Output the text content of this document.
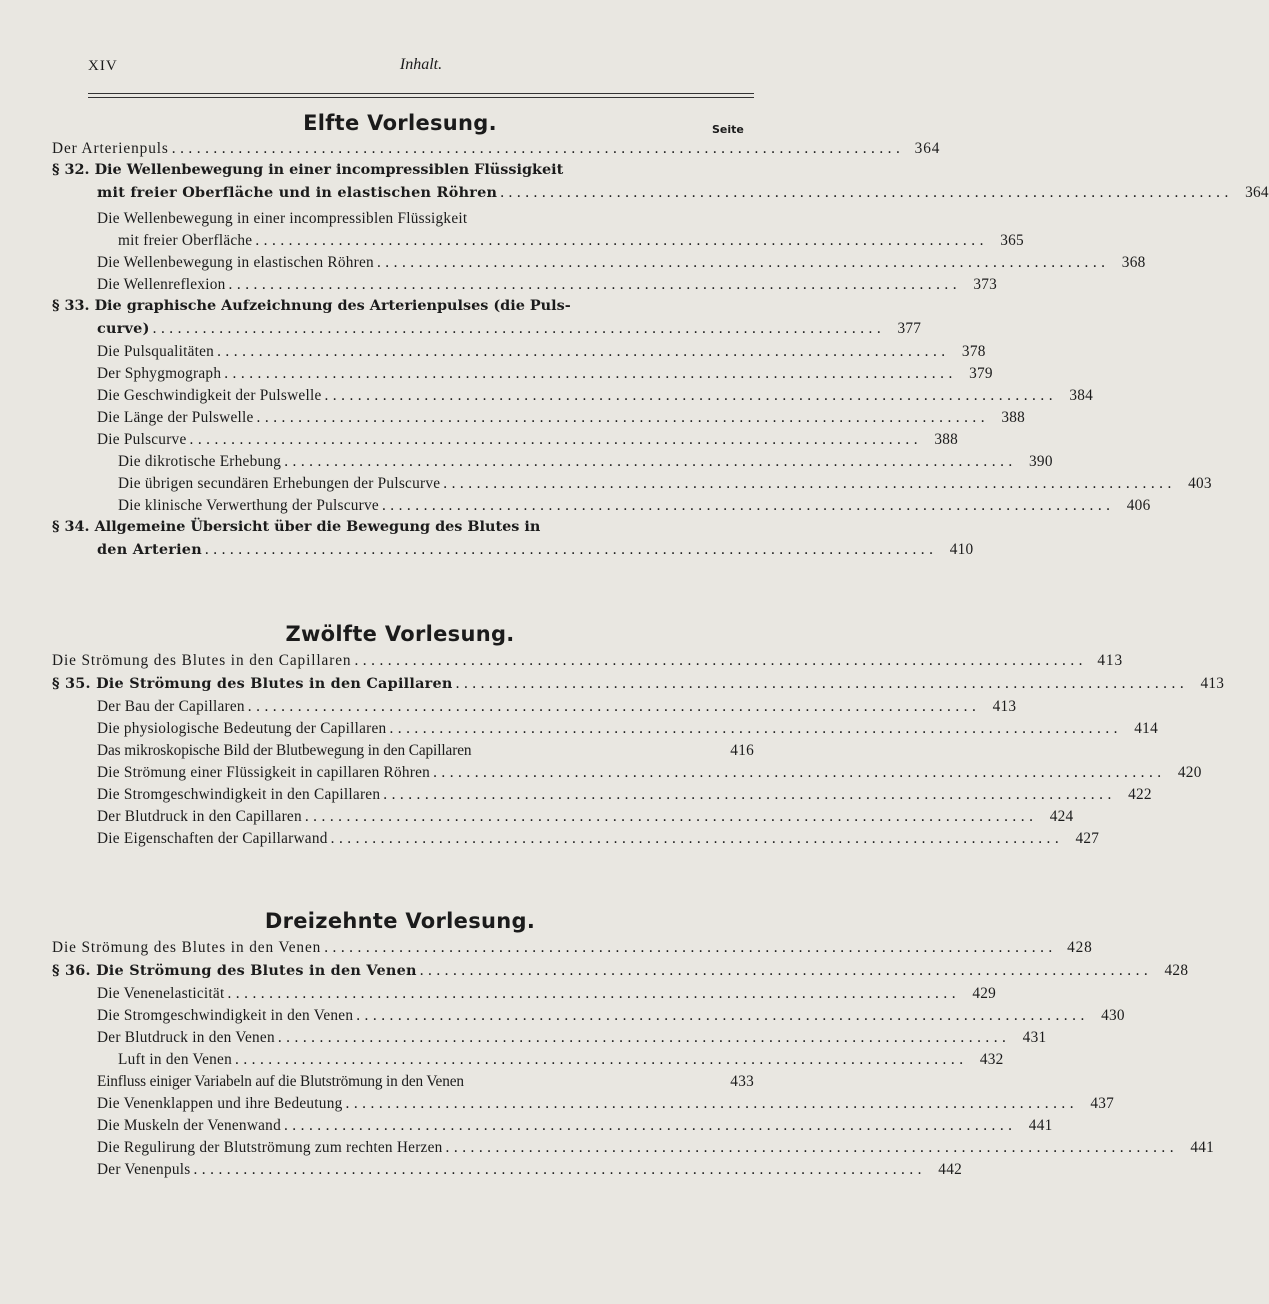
XIV	Inhalt.
Elfte Vorlesung.	Seite
Der Arterienpuls ........................................................................................ 364
§ 32. Die Wellenbewegung in einer incompressiblen Flüssigkeit
mit freier Oberfläche und in elastischen Röhren ........................................................................................ 364
Die Wellenbewegung in einer incompressiblen Flüssigkeit
mit freier Oberfläche ........................................................................................ 365
Die Wellenbewegung in elastischen Röhren ........................................................................................ 368
Die Wellenreflexion ........................................................................................ 373
§ 33. Die graphische Aufzeichnung des Arterienpulses (die Puls-
curve) ........................................................................................ 377
Die Pulsqualitäten ........................................................................................ 378
Der Sphygmograph ........................................................................................ 379
Die Geschwindigkeit der Pulswelle ........................................................................................ 384
Die Länge der Pulswelle ........................................................................................ 388
Die Pulscurve ........................................................................................ 388
Die dikrotische Erhebung ........................................................................................ 390
Die übrigen secundären Erhebungen der Pulscurve ........................................................................................ 403
Die klinische Verwerthung der Pulscurve ........................................................................................ 406
§ 34. Allgemeine Übersicht über die Bewegung des Blutes in
den Arterien ........................................................................................ 410
Zwölfte Vorlesung.
Die Strömung des Blutes in den Capillaren ........................................................................................ 413
§ 35. Die Strömung des Blutes in den Capillaren ........................................................................................ 413
Der Bau der Capillaren ........................................................................................ 413
Die physiologische Bedeutung der Capillaren ........................................................................................ 414
Das mikroskopische Bild der Blutbewegung in den Capillaren	416
Die Strömung einer Flüssigkeit in capillaren Röhren ........................................................................................ 420
Die Stromgeschwindigkeit in den Capillaren ........................................................................................ 422
Der Blutdruck in den Capillaren ........................................................................................ 424
Die Eigenschaften der Capillarwand ........................................................................................ 427
Dreizehnte Vorlesung.
Die Strömung des Blutes in den Venen ........................................................................................ 428
§ 36. Die Strömung des Blutes in den Venen ........................................................................................ 428
Die Venenelasticität ........................................................................................ 429
Die Stromgeschwindigkeit in den Venen ........................................................................................ 430
Der Blutdruck in den Venen ........................................................................................ 431
Luft in den Venen ........................................................................................ 432
Einfluss einiger Variabeln auf die Blutströmung in den Venen	433
Die Venenklappen und ihre Bedeutung ........................................................................................ 437
Die Muskeln der Venenwand ........................................................................................ 441
Die Regulirung der Blutströmung zum rechten Herzen ........................................................................................ 441
Der Venenpuls ........................................................................................ 442
